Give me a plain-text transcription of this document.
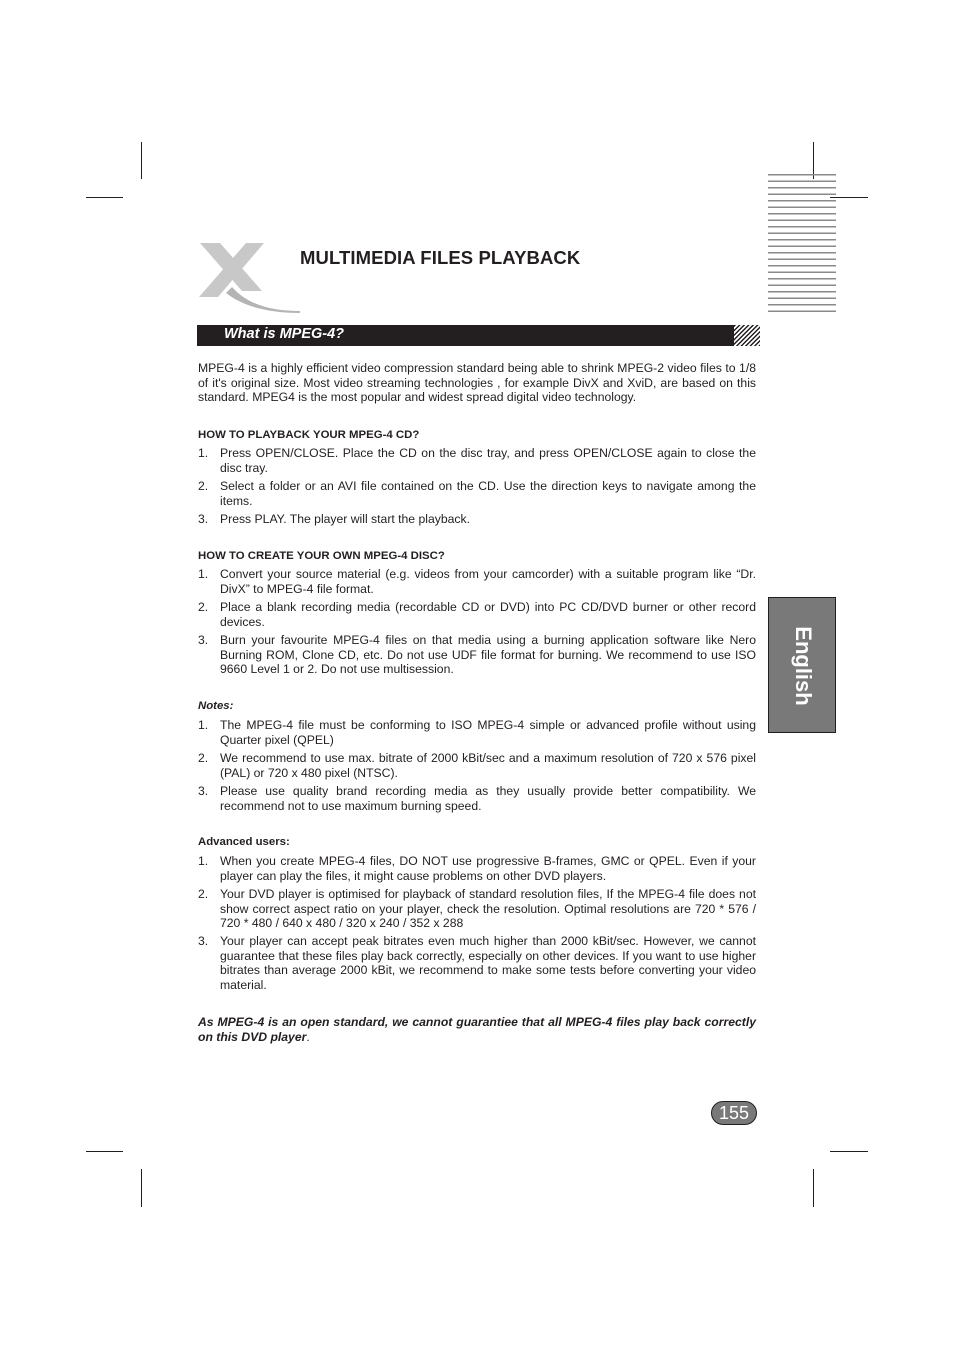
MULTIMEDIA FILES PLAYBACK
What is MPEG-4?

MPEG-4 is a highly efficient video compression standard being able to shrink MPEG-2 video files to 1/8 of it's original size. Most video streaming technologies , for example DivX and XviD, are based on this standard. MPEG4 is the most popular and widest spread digital video technology.

HOW TO PLAYBACK YOUR MPEG-4 CD?
1. Press OPEN/CLOSE. Place the CD on the disc tray, and press OPEN/CLOSE again to close the disc tray.
2. Select a folder or an AVI file contained on the CD. Use the direction keys to navigate among the items.
3. Press PLAY. The player will start the playback.
HOW TO CREATE YOUR OWN MPEG-4 DISC?
1. Convert your source material (e.g. videos from your camcorder) with a suitable program like “Dr. DivX” to MPEG-4 file format.
2. Place a blank recording media (recordable CD or DVD) into PC CD/DVD burner or other record devices.
3. Burn your favourite MPEG-4 files on that media using a burning application software like Nero Burning ROM, Clone CD, etc. Do not use UDF file format for burning. We recommend to use ISO 9660 Level 1 or 2. Do not use multisession.
Notes:
1. The MPEG-4 file must be conforming to ISO MPEG-4 simple or advanced profile without using Quarter pixel (QPEL)
2. We recommend to use max. bitrate of 2000 kBit/sec and a maximum resolution of 720 x 576 pixel (PAL) or 720 x 480 pixel (NTSC).
3. Please use quality brand recording media as they usually provide better compatibility. We recommend not to use maximum burning speed.
Advanced users:
1. When you create MPEG-4 files, DO NOT use progressive B-frames, GMC or QPEL. Even if your player can play the files, it might cause problems on other DVD players.
2. Your DVD player is optimised for playback of standard resolution files, If the MPEG-4 file does not show correct aspect ratio on your player, check the resolution. Optimal resolutions are 720 * 576 / 720 * 480 / 640 x 480 / 320 x 240 / 352 x 288
3. Your player can accept peak bitrates even much higher than 2000 kBit/sec. However, we cannot guarantee that these files play back correctly, especially on other devices. If you want to use higher bitrates than average 2000 kBit, we recommend to make some tests before converting your video material.
As MPEG-4 is an open standard, we cannot guarantiee that all MPEG-4 files play back correctly on this DVD player.
English
155
